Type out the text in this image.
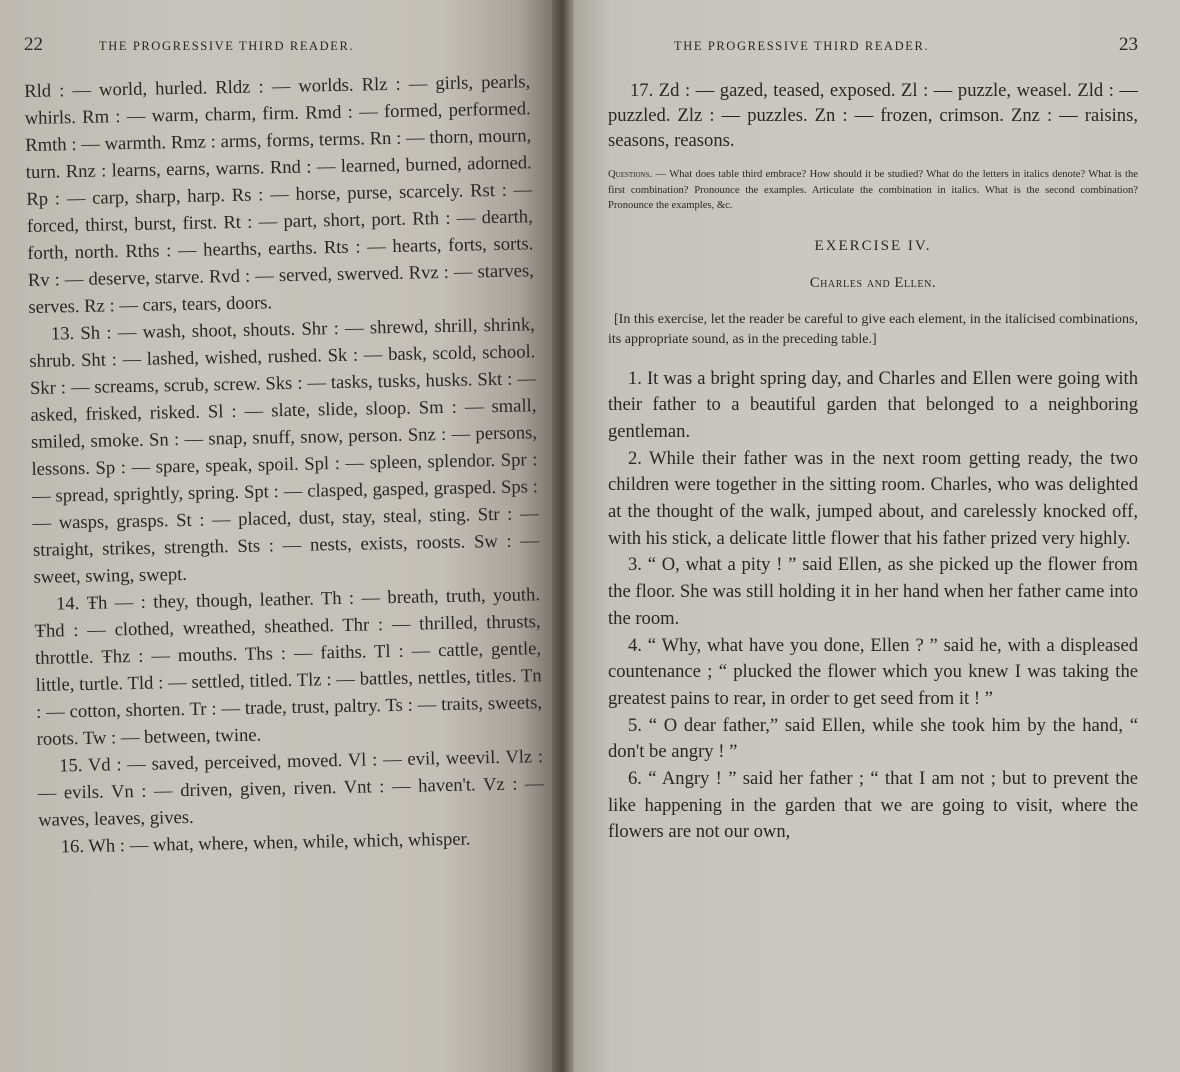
22	THE PROGRESSIVE THIRD READER.

Rld : — world, hurled. Rldz : — worlds. Rlz : — girls, pearls, whirls. Rm : — warm, charm, firm. Rmd : — formed, performed. Rmth : — warmth. Rmz : arms, forms, terms. Rn : — thorn, mourn, turn. Rnz : learns, earns, warns. Rnd : — learned, burned, adorned. Rp : — carp, sharp, harp. Rs : — horse, purse, scarcely. Rst : — forced, thirst, burst, first. Rt : — part, short, port. Rth : — dearth, forth, north. Rths : — hearths, earths. Rts : — hearts, forts, sorts. Rv : — deserve, starve. Rvd : — served, swerved. Rvz : — starves, serves. Rz : — cars, tears, doors.

13. Sh : — wash, shoot, shouts. Shr : — shrewd, shrill, shrink, shrub. Sht : — lashed, wished, rushed. Sk : — bask, scold, school. Skr : — screams, scrub, screw. Sks : — tasks, tusks, husks. Skt : — asked, frisked, risked. Sl : — slate, slide, sloop. Sm : — small, smiled, smoke. Sn : — snap, snuff, snow, person. Snz : — persons, lessons. Sp : — spare, speak, spoil. Spl : — spleen, splendor. Spr : — spread, sprightly, spring. Spt : — clasped, gasped, grasped. Sps : — wasps, grasps. St : — placed, dust, stay, steal, sting. Str : — straight, strikes, strength. Sts : — nests, exists, roosts. Sw : — sweet, swing, swept.

14. Ŧh — : they, though, leather. Th : — breath, truth, youth. Ŧhd : — clothed, wreathed, sheathed. Thr : — thrilled, thrusts, throttle. Ŧhz : — mouths. Ths : — faiths. Tl : — cattle, gentle, little, turtle. Tld : — settled, titled. Tlz : — battles, nettles, titles. Tn : — cotton, shorten. Tr : — trade, trust, paltry. Ts : — traits, sweets, roots. Tw : — between, twine.

15. Vd : — saved, perceived, moved. Vl : — evil, weevil. Vlz : — evils. Vn : — driven, given, riven. Vnt : — haven't. Vz : — waves, leaves, gives.

16. Wh : — what, where, when, while, which, whisper.

THE PROGRESSIVE THIRD READER.	23

17. Zd : — gazed, teased, exposed. Zl : — puzzle, weasel. Zld : — puzzled. Zlz : — puzzles. Zn : — frozen, crimson. Znz : — raisins, seasons, reasons.

Questions. — What does table third embrace? How should it be studied? What do the letters in italics denote? What is the first combination? Pronounce the examples. Articulate the combination in italics. What is the second combination? Pronounce the examples, &c.

EXERCISE IV.
Charles and Ellen.

[In this exercise, let the reader be careful to give each element, in the italicised combinations, its appropriate sound, as in the preceding table.]

1. It was a bright spring day, and Charles and Ellen were going with their father to a beautiful garden that belonged to a neighboring gentleman.

2. While their father was in the next room getting ready, the two children were together in the sitting room. Charles, who was delighted at the thought of the walk, jumped about, and carelessly knocked off, with his stick, a delicate little flower that his father prized very highly.

3. “ O, what a pity ! ” said Ellen, as she picked up the flower from the floor. She was still holding it in her hand when her father came into the room.

4. “ Why, what have you done, Ellen ? ” said he, with a displeased countenance ; “ plucked the flower which you knew I was taking the greatest pains to rear, in order to get seed from it ! ”

5. “ O dear father,” said Ellen, while she took him by the hand, “ don't be angry ! ”

6. “ Angry ! ” said her father ; “ that I am not ; but to prevent the like happening in the garden that we are going to visit, where the flowers are not our own,
